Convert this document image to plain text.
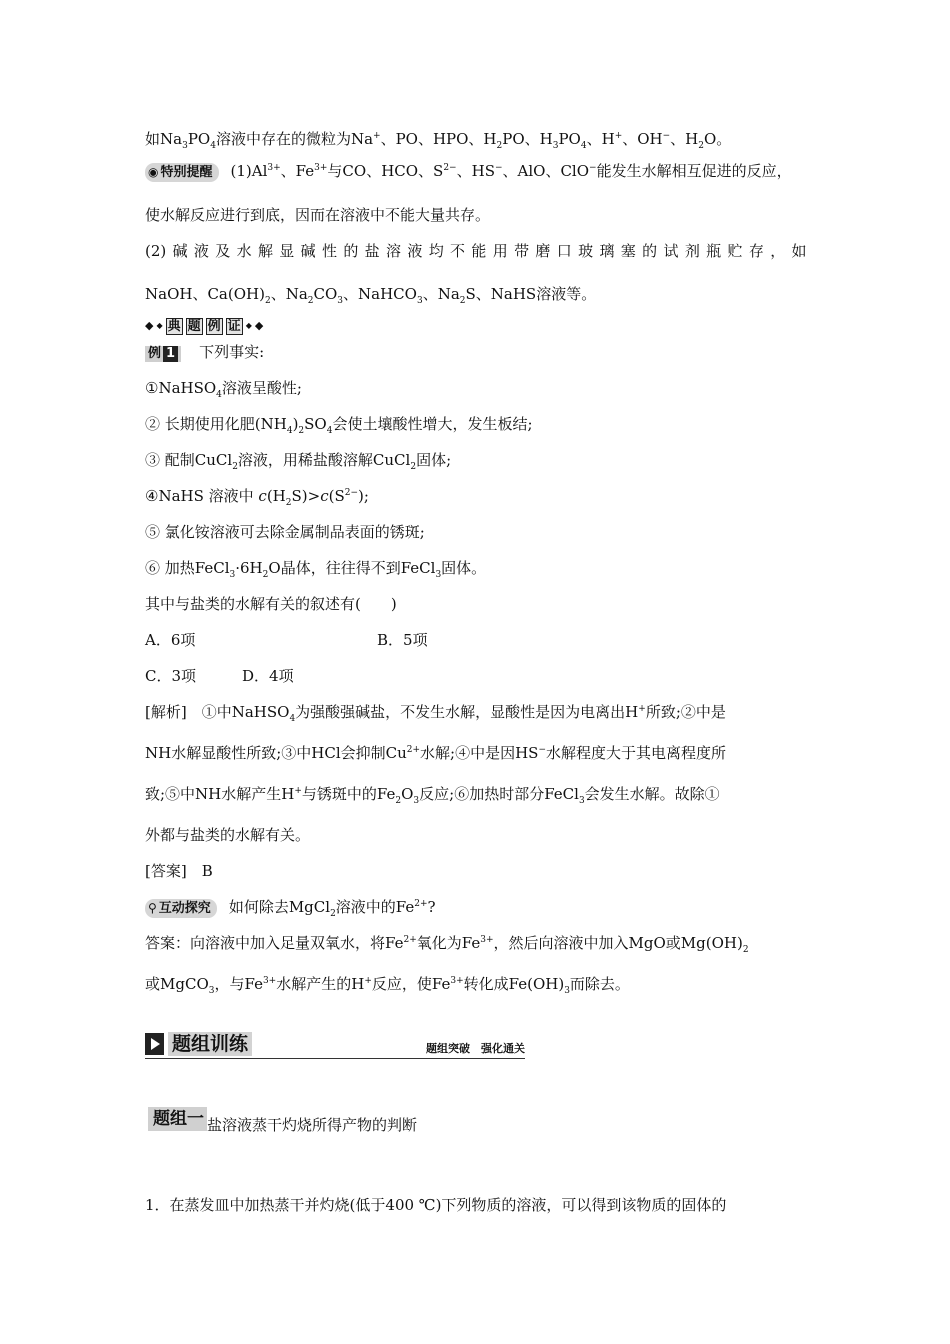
如$Na_3PO_4$溶液中存在的微粒为Na+、PO、HPO、$H_2PO$、$H_3PO_4$、H+、OH−、$H_2O$。
◉ 特别提醒 $(1)Al^{3+}$、$Fe^{3+}$与CO、HCO、$S^{2-}$、HS−、AlO、ClO−能发生水解相互促进的反应，
使水解反应进行到底，因而在溶液中不能大量共存。
(2) 碱 液 及 水 解 显 碱 性 的 盐 溶 液 均 不 能 用 带 磨 口 玻 璃 塞 的 试 剂 瓶 贮 存 ， 如
NaOH、$Ca(OH)_2$、$Na_2CO_3$、NaHCO$_3$、$Na_2S$、NaHS溶液等。
◆ ◆ 典 题 例 证 ◆ ◆
例 1 下列事实:
①NaHSO$_4$溶液呈酸性;
② 长期使用化肥$(NH_4)_2SO_4$会使土壤酸性增大，发生板结;
③ 配制CuCl$_2$溶液，用稀盐酸溶解CuCl$_2$固体;
④NaHS 溶液中 $c(H_2S)>c(S^{2-})$;
⑤ 氯化铵溶液可去除金属制品表面的锈斑;
⑥ 加热$FeCl_3\cdot 6H_2O$晶体，往往得不到FeCl$_3$固体。
其中与盐类的水解有关的叙述有(　　)
A．6项	B．5项
C．3项	D．4项
[解析]　①中NaHSO$_4$为强酸强碱盐，不发生水解，显酸性是因为电离出H+所致;②中是
NH水解显酸性所致;③中HCl会抑制$Cu^{2+}$水解;④中是因HS−水解程度大于其电离程度所
致;⑤中NH水解产生H+与锈斑中的$Fe_2O_3$反应;⑥加热时部分FeCl$_3$会发生水解。故除①
外都与盐类的水解有关。
[答案]　B
⚲ 互动探究 如何除去MgCl$_2$溶液中的$Fe^{2+}$?
答案：向溶液中加入足量双氧水，将$Fe^{2+}$氧化为$Fe^{3+}$，然后向溶液中加入MgO或$Mg(OH)_2$
或MgCO$_3$，与$Fe^{3+}$水解产生的H+反应，使$Fe^{3+}$转化成$Fe(OH)_3$而除去。
题组训练	题组突破　强化通关
题组一 盐溶液蒸干灼烧所得产物的判断
1．在蒸发皿中加热蒸干并灼烧(低于400 ℃)下列物质的溶液，可以得到该物质的固体的
